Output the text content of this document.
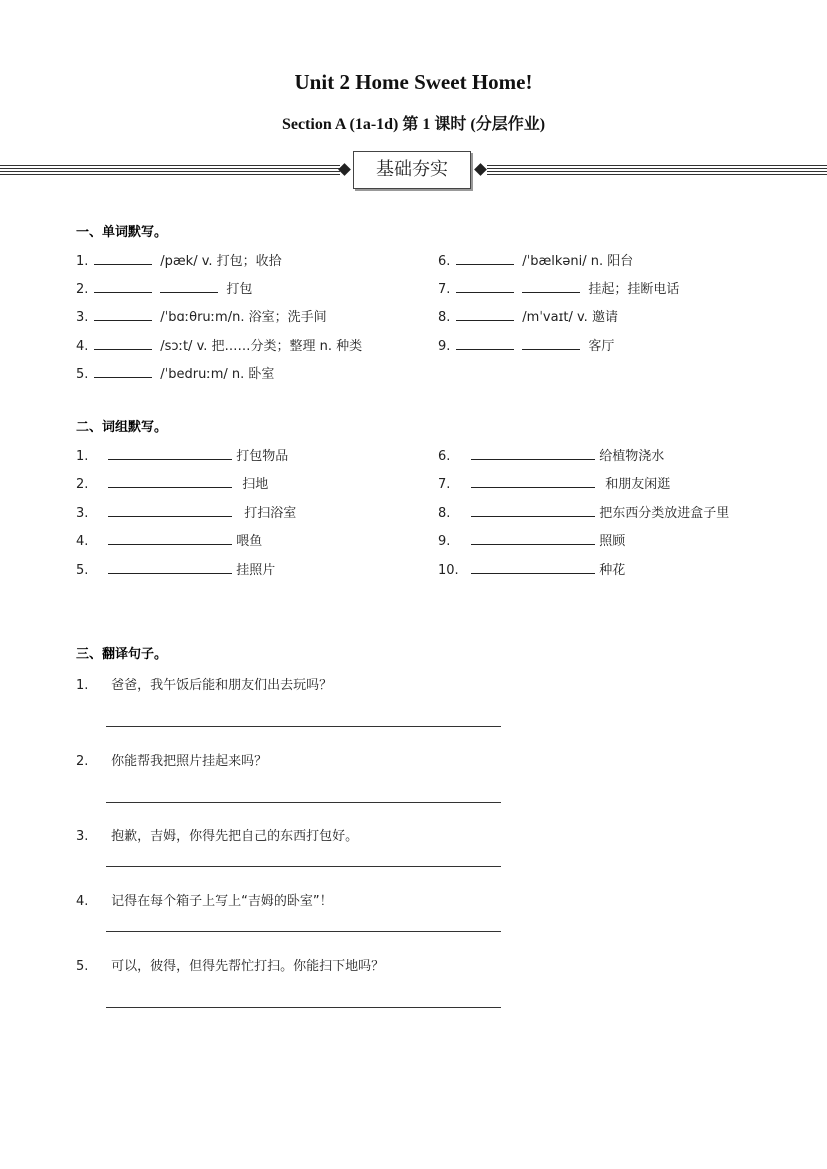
Unit 2 Home Sweet Home!
Section A (1a-1d) 第 1 课时 (分层作业)
基础夯实
一、单词默写。
1.	/pæk/ v. 打包；收拾
2.	打包
3.	/ˈbɑːθruːm/n. 浴室；洗手间
4.	/sɔːt/ v. 把……分类；整理 n. 种类
5.	/ˈbedruːm/ n. 卧室
6.	/ˈbælkəni/ n. 阳台
7.	挂起；挂断电话
8.	/mˈvaɪt/ v. 邀请
9.	客厅
二、词组默写。
1.	打包物品
2.	扫地
3.	打扫浴室
4.	喂鱼
5.	挂照片
6.	给植物浇水
7.	和朋友闲逛
8.	把东西分类放进盒子里
9.	照顾
10.	种花
三、翻译句子。
1. 爸爸，我午饭后能和朋友们出去玩吗？
2. 你能帮我把照片挂起来吗？
3. 抱歉，吉姆，你得先把自己的东西打包好。
4. 记得在每个箱子上写上“吉姆的卧室”！
5. 可以，彼得，但得先帮忙打扫。你能扫下地吗？
